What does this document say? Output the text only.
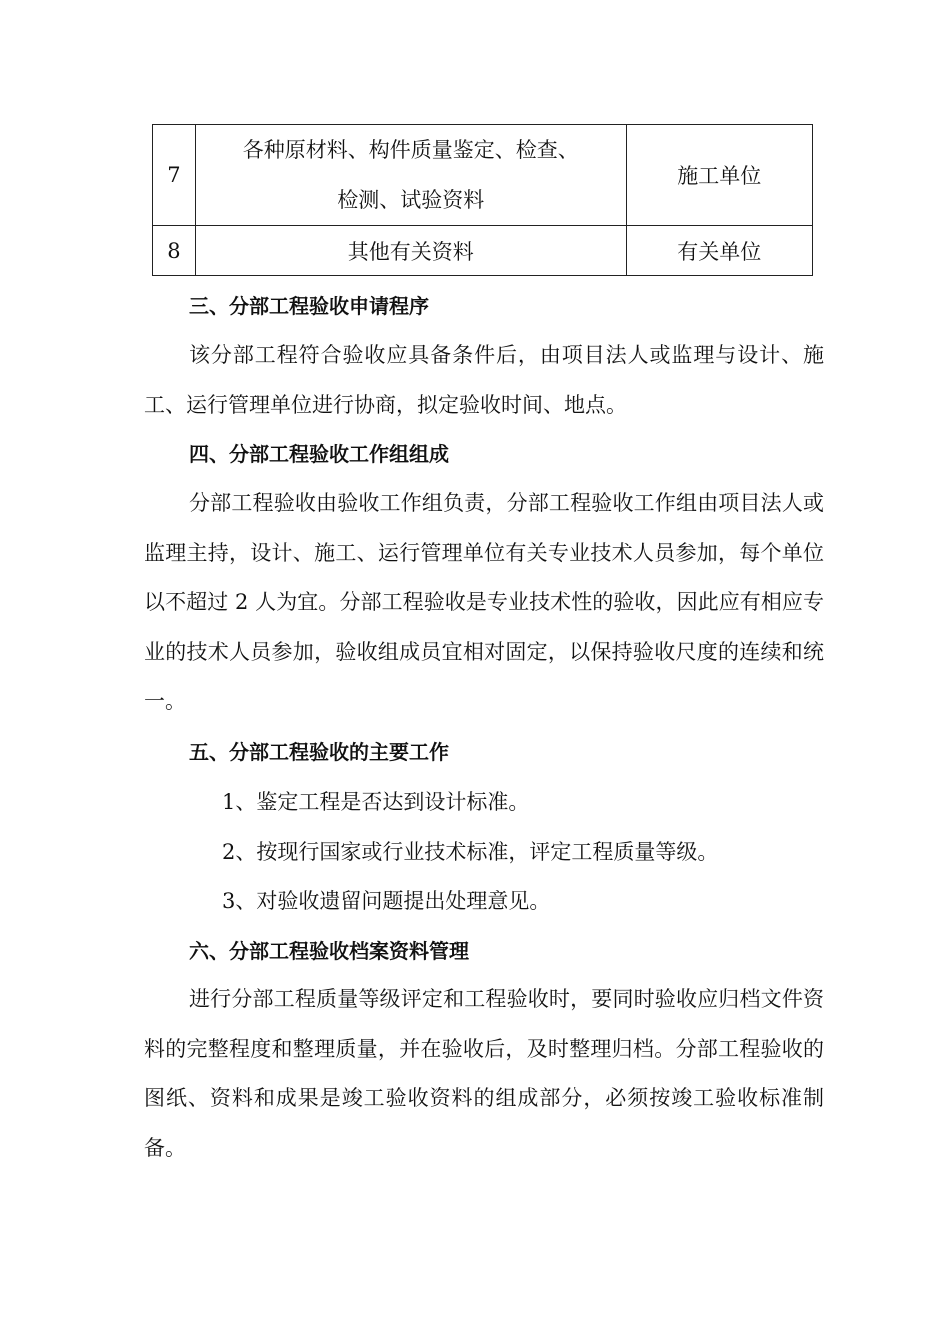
7	各种原材料、构件质量鉴定、检查、
检测、试验资料	施工单位
8	其他有关资料	有关单位
三、分部工程验收申请程序

该分部工程符合验收应具备条件后，由项目法人或监理与设计、施工、运行管理单位进行协商，拟定验收时间、地点。

四、分部工程验收工作组组成

分部工程验收由验收工作组负责，分部工程验收工作组由项目法人或监理主持，设计、施工、运行管理单位有关专业技术人员参加，每个单位以不超过 2 人为宜。分部工程验收是专业技术性的验收，因此应有相应专业的技术人员参加，验收组成员宜相对固定，以保持验收尺度的连续和统一。

五、分部工程验收的主要工作

1、鉴定工程是否达到设计标准。

2、按现行国家或行业技术标准，评定工程质量等级。

3、对验收遗留问题提出处理意见。

六、分部工程验收档案资料管理

进行分部工程质量等级评定和工程验收时，要同时验收应归档文件资料的完整程度和整理质量，并在验收后，及时整理归档。分部工程验收的图纸、资料和成果是竣工验收资料的组成部分，必须按竣工验收标准制备。
